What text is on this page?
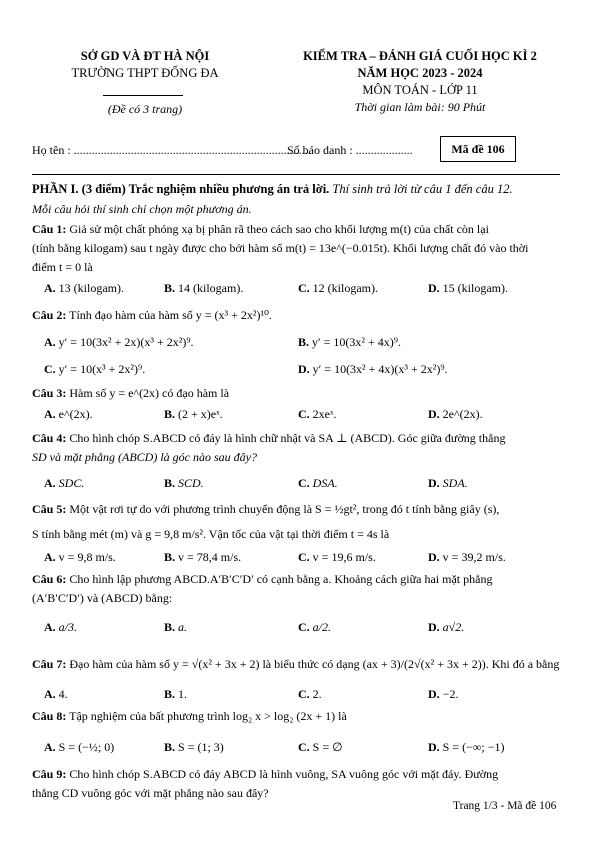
SỞ GD VÀ ĐT HÀ NỘI
TRƯỜNG THPT ĐỐNG ĐA
(Đề có 3 trang)
KIỂM TRA – ĐÁNH GIÁ CUỐI HỌC KÌ 2
NĂM HỌC 2023 - 2024
MÔN TOÁN - LỚP 11
Thời gian làm bài: 90 Phút
Họ tên : ...............................................................................
Số báo danh : ...................	Mã đề 106
PHẦN I. (3 điểm) Trắc nghiệm nhiều phương án trả lời. Thí sinh trả lời từ câu 1 đến câu 12.
Mỗi câu hỏi thí sinh chỉ chọn một phương án.
Câu 1: Giả sử một chất phóng xạ bị phân rã theo cách sao cho khối lượng m(t) của chất còn lại
(tính bằng kilogam) sau t ngày được cho bởi hàm số m(t) = 13e^(−0.015t). Khối lượng chất đó vào thời
điểm t = 0 là
A. 13 (kilogam).	B. 14 (kilogam).	C. 12 (kilogam).	D. 15 (kilogam).
Câu 2: Tính đạo hàm của hàm số y = (x³ + 2x²)¹⁰.
A. y′ = 10(3x² + 2x)(x³ + 2x²)⁹.	B. y′ = 10(3x² + 4x)⁹.
C. y′ = 10(x³ + 2x²)⁹.	D. y′ = 10(3x² + 4x)(x³ + 2x²)⁹.
Câu 3: Hàm số y = e^(2x) có đạo hàm là
A. e^(2x).	B. (2 + x)eˣ.	C. 2xeˣ.	D. 2e^(2x).
Câu 4: Cho hình chóp S.ABCD có đáy là hình chữ nhật và SA ⊥ (ABCD). Góc giữa đường thẳng
SD và mặt phẳng (ABCD) là góc nào sau đây?
A. SDC.	B. SCD.	C. DSA.	D. SDA.
Câu 5: Một vật rơi tự do với phương trình chuyển động là S = ½gt², trong đó t tính bằng giây (s),
S tính bằng mét (m) và g = 9,8 m/s². Vận tốc của vật tại thời điểm t = 4s là
A. v = 9,8 m/s.	B. v = 78,4 m/s.	C. v = 19,6 m/s.	D. v = 39,2 m/s.
Câu 6: Cho hình lập phương ABCD.A′B′C′D′ có cạnh bằng a. Khoảng cách giữa hai mặt phẳng
(A′B′C′D′) và (ABCD) bằng:
A. a/3.	B. a.	C. a/2.	D. a√2.
Câu 7: Đạo hàm của hàm số y = √(x² + 3x + 2) là biểu thức có dạng (ax + 3)/(2√(x² + 3x + 2)). Khi đó a bằng
A. 4.	B. 1.	C. 2.	D. −2.
Câu 8: Tập nghiệm của bất phương trình log₂ x > log₂ (2x + 1) là
A. S = (−½; 0)	B. S = (1; 3)	C. S = ∅	D. S = (−∞; −1)
Câu 9: Cho hình chóp S.ABCD có đáy ABCD là hình vuông, SA vuông góc với mặt đáy. Đường
thẳng CD vuông góc với mặt phẳng nào sau đây?
Trang 1/3 - Mã đề 106
